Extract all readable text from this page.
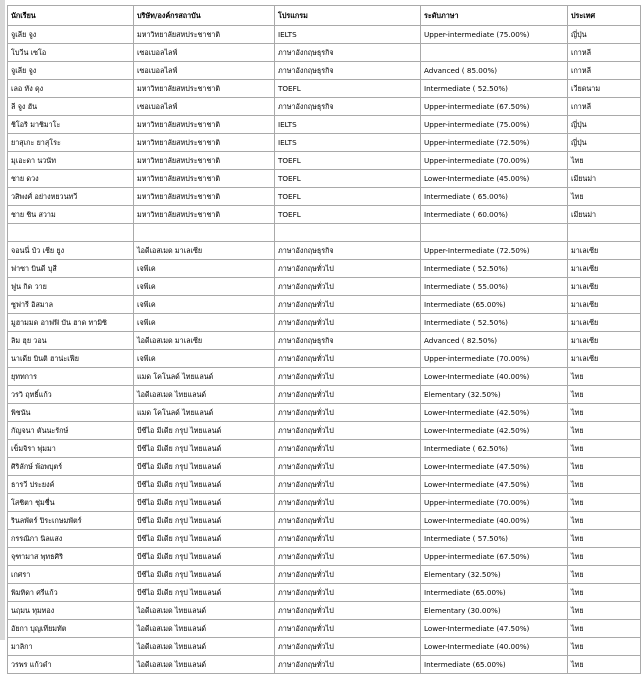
นักเรียน	บริษัท/องค์กรสถาบัน	โปรแกรม	ระดับภาษา	ประเทศ
จูเลีย จูง	มหาวิทยาลัยสหประชาชาติ	IELTS	Upper-intermediate (75.00%)	ญี่ปุ่น
โบวีน เซโอ	เซอเบอลไลฟ์	ภาษาอังกฤษธุรกิจ		เกาหลี
จูเลีย จูง	เซอเบอลไลฟ์	ภาษาอังกฤษธุรกิจ	Advanced ( 85.00%)	เกาหลี
เลอ ทัง ดุง	มหาวิทยาลัยสหประชาชาติ	TOEFL	Intermediate ( 52.50%)	เวียดนาม
ลี จูง ฮัน	เซอเบอลไลฟ์	ภาษาอังกฤษธุรกิจ	Upper-intermediate (67.50%)	เกาหลี
ชิโอริ มาชิมาโะ	มหาวิทยาลัยสหประชาชาติ	IELTS	Upper-intermediate (75.00%)	ญี่ปุ่น
ยาสุเกะ ยาสุโระ	มหาวิทยาลัยสหประชาชาติ	IELTS	Upper-intermediate (72.50%)	ญี่ปุ่น
มุเอะดา นวนัท	มหาวิทยาลัยสหประชาชาติ	TOEFL	Upper-intermediate (70.00%)	ไทย
ชาย ดวง	มหาวิทยาลัยสหประชาชาติ	TOEFL	Lower-Intermediate (45.00%)	เมียนม่า
วสิพงศ์ อย่างหยวนทวี	มหาวิทยาลัยสหประชาชาติ	TOEFL	Intermediate ( 65.00%)	ไทย
ชาย ชิน สวาม	มหาวิทยาลัยสหประชาชาติ	TOEFL	Intermediate ( 60.00%)	เมียนม่า

จอนนี่ ป๋ว เชีย ยูง	ไอดีเอสเมด มาเลเซีย	ภาษาอังกฤษธุรกิจ	Upper-Intermediate (72.50%)	มาเลเซีย
ฟาซา บินดี บุสี	เจพีเค	ภาษาอังกฤษทั่วไป	Intermediate ( 52.50%)	มาเลเซีย
ฟูน กิด วาย	เจพีเค	ภาษาอังกฤษทั่วไป	Intermediate ( 55.00%)	มาเลเซีย
ซูฟารี อิสมาล	เจพีเค	ภาษาอังกฤษทั่วไป	Intermediate (65.00%)	มาเลเซีย
มูฮามมด อาฟฟิ บัน ฮาด ทามิซิ	เจพีเค	ภาษาอังกฤษทั่วไป	Intermediate ( 52.50%)	มาเลเซีย
ลิม ฮุย วอน	ไอดีเอสเมด มาเลเซีย	ภาษาอังกฤษธุรกิจ	Advanced ( 82.50%)	มาเลเซีย
นาเดีย บินติ ฮาน่ะเฟีย	เจพีเค	ภาษาอังกฤษทั่วไป	Upper-intermediate (70.00%)	มาเลเซีย
ยุททการ	แมด โคโนลด์ ไทยแลนด์	ภาษาอังกฤษทั่วไป	Lower-Intermediate (40.00%)	ไทย
วรวิ ฤทธิ์แก้ว	ไอดีเอสเมด ไทยแลนด์	ภาษาอังกฤษทั่วไป	Elementary (32.50%)	ไทย
พิชนัน	แมด โคโนลด์ ไทยแลนด์	ภาษาอังกฤษทั่วไป	Lower-Intermediate (42.50%)	ไทย
กัญจนา ตันนะรักษ์	บีซีไอ มีเดีย กรุป ไทยแลนด์	ภาษาอังกฤษทั่วไป	Lower-Intermediate (42.50%)	ไทย
เข็มจิรา พุ่มมา	บีซีไอ มีเดีย กรุป ไทยแลนด์	ภาษาอังกฤษทั่วไป	Intermediate ( 62.50%)	ไทย
ศิริลักษ์ พ้อพบุตร์	บีซีไอ มีเดีย กรุป ไทยแลนด์	ภาษาอังกฤษทั่วไป	Lower-Intermediate (47.50%)	ไทย
ธารวี ประยงค์	บีซีไอ มีเดีย กรุป ไทยแลนด์	ภาษาอังกฤษทั่วไป	Lower-Intermediate (47.50%)	ไทย
โสชิตา ชุ่มชื่น	บีซีไอ มีเดีย กรุป ไทยแลนด์	ภาษาอังกฤษทั่วไป	Upper-intermediate (70.00%)	ไทย
รินลพัตร์ ปิระเกษมพัตร์	บีซีไอ มีเดีย กรุป ไทยแลนด์	ภาษาอังกฤษทั่วไป	Lower-Intermediate (40.00%)	ไทย
กรรณิกา นิลแสง	บีซีไอ มีเดีย กรุป ไทยแลนด์	ภาษาอังกฤษทั่วไป	Intermediate ( 57.50%)	ไทย
จุฑามาส พุทธศิริ	บีซีไอ มีเดีย กรุป ไทยแลนด์	ภาษาอังกฤษทั่วไป	Upper-intermediate (67.50%)	ไทย
เกศรา	บีซีไอ มีเดีย กรุป ไทยแลนด์	ภาษาอังกฤษทั่วไป	Elementary (32.50%)	ไทย
พิมทิดา ศรีแก้ว	บีซีไอ มีเดีย กรุป ไทยแลนด์	ภาษาอังกฤษทั่วไป	Intermediate (65.00%)	ไทย
นฤมน ทุมทอง	ไอดีเอสเมด ไทยแลนด์	ภาษาอังกฤษทั่วไป	Elementary (30.00%)	ไทย
อัยกา บุญเทียมทัต	ไอดีเอสเมด ไทยแลนด์	ภาษาอังกฤษทั่วไป	Lower-Intermediate (47.50%)	ไทย
มาลิกา	ไอดีเอสเมด ไทยแลนด์	ภาษาอังกฤษทั่วไป	Lower-Intermediate (40.00%)	ไทย
วรพร แก้วดำ	ไอดีเอสเมด ไทยแลนด์	ภาษาอังกฤษทั่วไป	Intermediate (65.00%)	ไทย
